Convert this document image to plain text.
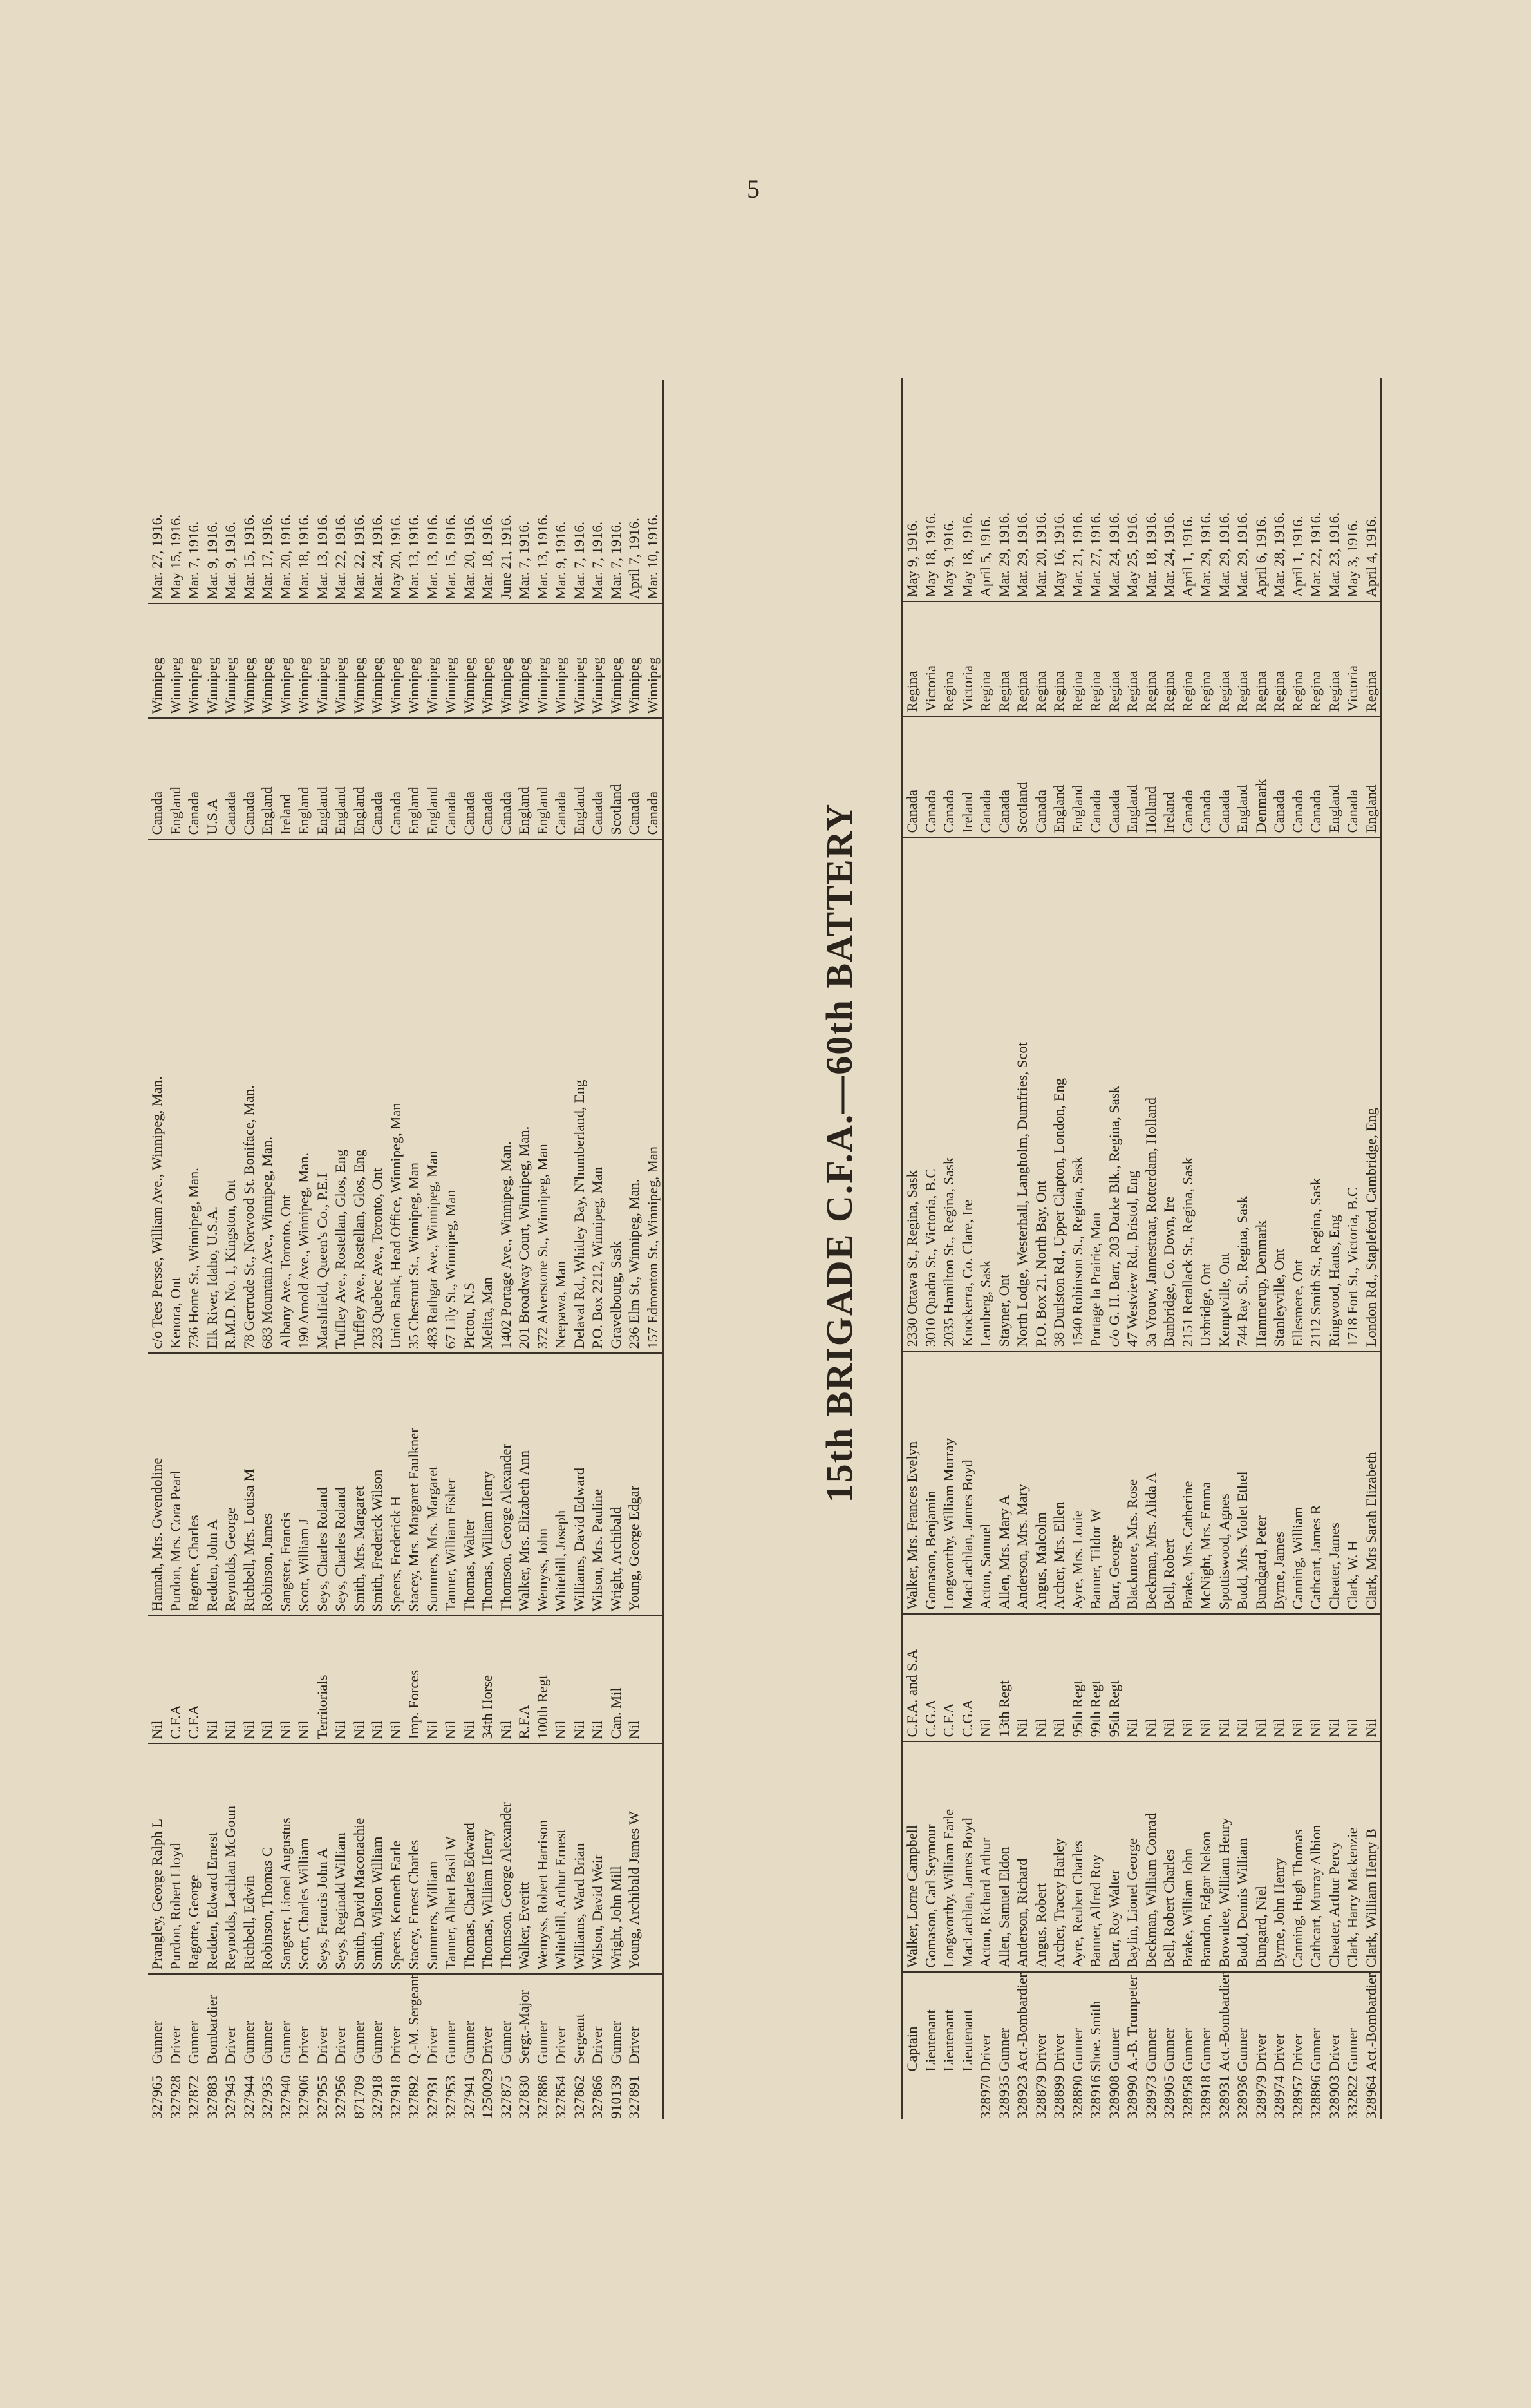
5
327965	Gunner	Prangley, George Ralph L	Nil	Hannah, Mrs. Gwendoline	c/o Tees Persse, William Ave., Winnipeg, Man.	Canada	Winnipeg	Mar. 27, 1916.
327928	Driver	Purdon, Robert Lloyd	C.F.A	Purdon, Mrs. Cora Pearl	Kenora, Ont	England	Winnipeg	May 15, 1916.
327872	Gunner	Ragotte, George	C.F.A	Ragotte, Charles	736 Home St., Winnipeg, Man.	Canada	Winnipeg	Mar. 7, 1916.
327883	Bombardier	Redden, Edward Ernest	Nil	Redden, John A	Elk River, Idaho, U.S.A.	U.S.A	Winnipeg	Mar. 9, 1916.
327945	Driver	Reynolds, Lachlan McGoun	Nil	Reynolds, George	R.M.D. No. 1, Kingston, Ont	Canada	Winnipeg	Mar. 9, 1916.
327944	Gunner	Richbell, Edwin	Nil	Richbell, Mrs. Louisa M	78 Gertrude St., Norwood St. Boniface, Man.	Canada	Winnipeg	Mar. 15, 1916.
327935	Gunner	Robinson, Thomas C	Nil	Robinson, James	683 Mountain Ave., Winnipeg, Man.	England	Winnipeg	Mar. 17, 1916.
327940	Gunner	Sangster, Lionel Augustus	Nil	Sangster, Francis	Albany Ave., Toronto, Ont	Ireland	Winnipeg	Mar. 20, 1916.
327906	Driver	Scott, Charles William	Nil	Scott, William J	190 Arnold Ave., Winnipeg, Man.	England	Winnipeg	Mar. 18, 1916.
327955	Driver	Seys, Francis John A	Territorials	Seys, Charles Roland	Marshfield, Queen's Co., P.E.I	England	Winnipeg	Mar. 13, 1916.
327956	Driver	Seys, Reginald William	Nil	Seys, Charles Roland	Tuffley Ave., Rostellan, Glos, Eng	England	Winnipeg	Mar. 22, 1916.
871709	Gunner	Smith, David Maconachie	Nil	Smith, Mrs. Margaret	Tuffley Ave., Rostellan, Glos, Eng	England	Winnipeg	Mar. 22, 1916.
327918	Gunner	Smith, Wilson William	Nil	Smith, Frederick Wilson	233 Quebec Ave., Toronto, Ont	Canada	Winnipeg	Mar. 24, 1916.
327918	Driver	Speers, Kenneth Earle	Nil	Speers, Frederick H	Union Bank, Head Office, Winnipeg, Man	Canada	Winnipeg	May 20, 1916.
327892	Q.-M. Sergeant	Stacey, Ernest Charles	Imp. Forces	Stacey, Mrs. Margaret Faulkner	35 Chestnut St., Winnipeg, Man	England	Winnipeg	Mar. 13, 1916.
327931	Driver	Summers, William	Nil	Summers, Mrs. Margaret	483 Rathgar Ave., Winnipeg, Man	England	Winnipeg	Mar. 13, 1916.
327953	Gunner	Tanner, Albert Basil W	Nil	Tanner, William Fisher	67 Lily St., Winnipeg, Man	Canada	Winnipeg	Mar. 15, 1916.
327941	Gunner	Thomas, Charles Edward	Nil	Thomas, Walter	Pictou, N.S	Canada	Winnipeg	Mar. 20, 1916.
1250029	Driver	Thomas, William Henry	34th Horse	Thomas, William Henry	Melita, Man	Canada	Winnipeg	Mar. 18, 1916.
327875	Gunner	Thomson, George Alexander	Nil	Thomson, George Alexander	1402 Portage Ave., Winnipeg, Man.	Canada	Winnipeg	June 21, 1916.
327830	Sergt.-Major	Walker, Everitt	R.F.A	Walker, Mrs. Elizabeth Ann	201 Broadway Court, Winnipeg, Man.	England	Winnipeg	Mar. 7, 1916.
327886	Gunner	Wemyss, Robert Harrison	100th Regt	Wemyss, John	372 Alverstone St., Winnipeg, Man	England	Winnipeg	Mar. 13, 1916.
327854	Driver	Whitehill, Arthur Ernest	Nil	Whitehill, Joseph	Neepawa, Man	Canada	Winnipeg	Mar. 9, 1916.
327862	Sergeant	Williams, Ward Brian	Nil	Williams, David Edward	Delaval Rd., Whitley Bay, N'humberland, Eng	England	Winnipeg	Mar. 7, 1916.
327866	Driver	Wilson, David Weir	Nil	Wilson, Mrs. Pauline	P.O. Box 2212, Winnipeg, Man	Canada	Winnipeg	Mar. 7, 1916.
910139	Gunner	Wright, John Mill	Can. Mil	Wright, Archibald	Gravelbourg, Sask	Scotland	Winnipeg	Mar. 7, 1916.
327891	Driver	Young, Archibald James W	Nil	Young, George Edgar	236 Elm St., Winnipeg, Man.	Canada	Winnipeg	April 7, 1916.
					157 Edmonton St., Winnipeg, Man	Canada	Winnipeg	Mar. 10, 1916.
15th BRIGADE C.F.A.—60th BATTERY
	Captain	Walker, Lorne Campbell	C.F.A. and S.A	Walker, Mrs. Frances Evelyn	2330 Ottawa St., Regina, Sask	Canada	Regina	May 9, 1916.
	Lieutenant	Gomason, Carl Seymour	C.G.A	Gomason, Benjamin	3010 Quadra St., Victoria, B.C	Canada	Victoria	May 18, 1916.
	Lieutenant	Longworthy, William Earle	C.F.A	Longworthy, William Murray	2035 Hamilton St., Regina, Sask	Canada	Regina	May 9, 1916.
	Lieutenant	MacLachlan, James Boyd	C.G.A	MacLachlan, James Boyd	Knockerra, Co. Clare, Ire	Ireland	Victoria	May 18, 1916.
328970	Driver	Acton, Richard Arthur	Nil	Acton, Samuel	Lemberg, Sask	Canada	Regina	April 5, 1916.
328935	Gunner	Allen, Samuel Eldon	13th Regt	Allen, Mrs. Mary A	Stayner, Ont	Canada	Regina	Mar. 29, 1916.
328923	Act.-Bombardier	Anderson, Richard	Nil	Anderson, Mrs. Mary	North Lodge, Westerhall, Langholm, Dumfries, Scot	Scotland	Regina	Mar. 29, 1916.
328879	Driver	Angus, Robert	Nil	Angus, Malcolm	P.O. Box 21, North Bay, Ont	Canada	Regina	Mar. 20, 1916.
328899	Driver	Archer, Tracey Harley	Nil	Archer, Mrs. Ellen	38 Durlston Rd., Upper Clapton, London, Eng	England	Regina	May 16, 1916.
328890	Gunner	Ayre, Reuben Charles	95th Regt	Ayre, Mrs. Louie	1540 Robinson St., Regina, Sask	England	Regina	Mar. 21, 1916.
328916	Shoe. Smith	Banner, Alfred Roy	99th Regt	Banner, Tildor W	Portage la Prairie, Man	Canada	Regina	Mar. 27, 1916.
328908	Gunner	Barr, Roy Walter	95th Regt	Barr, George	c/o G. H. Barr, 203 Darke Blk., Regina, Sask	Canada	Regina	Mar. 24, 1916.
328990	A.-B. Trumpeter	Baylin, Lionel George	Nil	Blackmore, Mrs. Rose	47 Westview Rd., Bristol, Eng	England	Regina	May 25, 1916.
328973	Gunner	Beckman, William Conrad	Nil	Beckman, Mrs. Alida A	3a Vrouw, Jannestraat, Rotterdam, Holland	Holland	Regina	Mar. 18, 1916.
328905	Gunner	Bell, Robert Charles	Nil	Bell, Robert	Banbridge, Co. Down, Ire	Ireland	Regina	Mar. 24, 1916.
328958	Gunner	Brake, William John	Nil	Brake, Mrs. Catherine	2151 Retallack St., Regina, Sask	Canada	Regina	April 1, 1916.
328918	Gunner	Brandon, Edgar Nelson	Nil	McNight, Mrs. Emma	Uxbridge, Ont	Canada	Regina	Mar. 29, 1916.
328931	Act.-Bombardier	Brownlee, William Henry	Nil	Spottiswood, Agnes	Kemptville, Ont	Canada	Regina	Mar. 29, 1916.
328936	Gunner	Budd, Dennis William	Nil	Budd, Mrs. Violet Ethel	744 Ray St., Regina, Sask	England	Regina	Mar. 29, 1916.
328979	Driver	Bungard, Niel	Nil	Bundgard, Peter	Hammerup, Denmark	Denmark	Regina	April 6, 1916.
328974	Driver	Byrne, John Henry	Nil	Byrne, James	Stanleyville, Ont	Canada	Regina	Mar. 28, 1916.
328957	Driver	Canning, Hugh Thomas	Nil	Canning, William	Ellesmere, Ont	Canada	Regina	April 1, 1916.
328896	Gunner	Cathcart, Murray Albion	Nil	Cathcart, James R	2112 Smith St., Regina, Sask	Canada	Regina	Mar. 22, 1916.
328903	Driver	Cheater, Arthur Percy	Nil	Cheater, James	Ringwood, Hants, Eng	England	Regina	Mar. 23, 1916.
332822	Gunner	Clark, Harry Mackenzie	Nil	Clark, W. H	1718 Fort St., Victoria, B.C	Canada	Victoria	May 3, 1916.
328964	Act.-Bombardier	Clark, William Henry B	Nil	Clark, Mrs Sarah Elizabeth	London Rd., Stapleford, Cambridge, Eng	England	Regina	April 4, 1916.
